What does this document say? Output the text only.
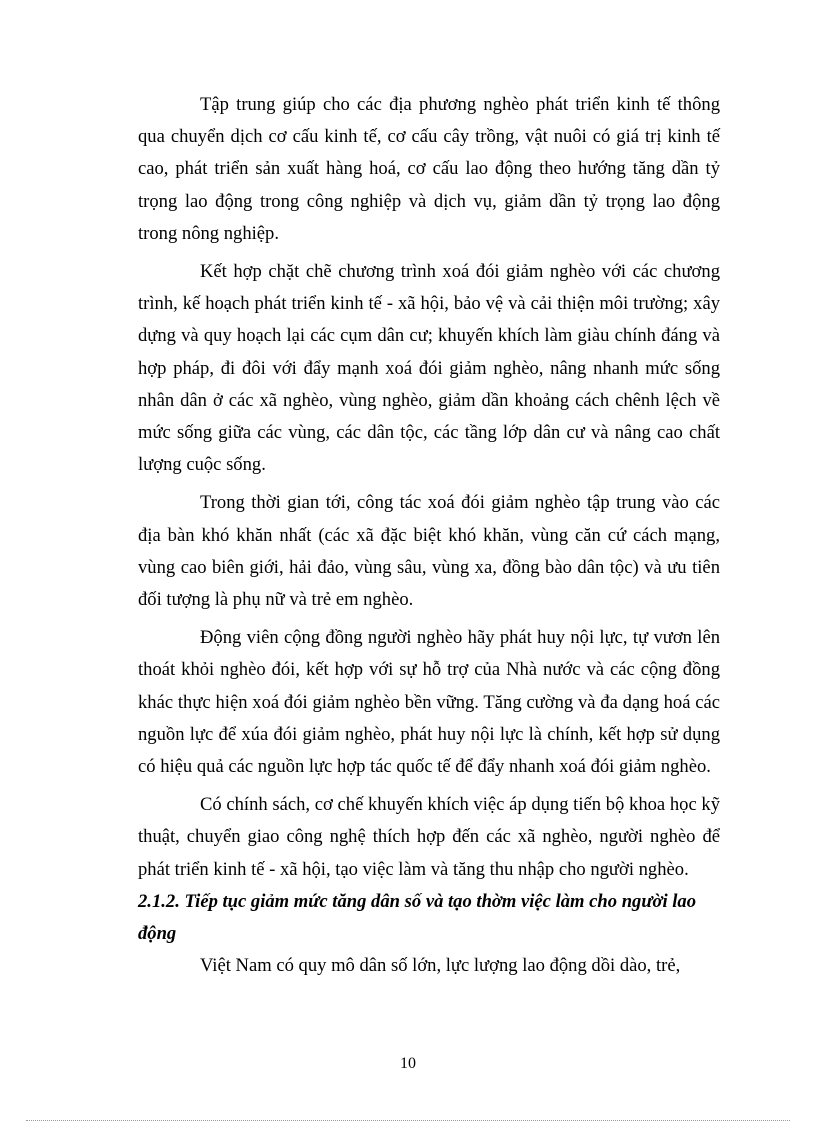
Tập trung giúp cho các địa phương nghèo phát triển kinh tế thông qua chuyển dịch cơ cấu kinh tế, cơ cấu cây trồng, vật nuôi có giá trị kinh tế cao, phát triển sản xuất hàng hoá, cơ cấu lao động theo hướng tăng dần tỷ trọng lao động trong công nghiệp và dịch vụ, giảm dần tỷ trọng lao động trong nông nghiệp.

Kết hợp chặt chẽ chương trình xoá đói giảm nghèo với các chương trình, kế hoạch phát triển kinh tế - xã hội, bảo vệ và cải thiện môi trường; xây dựng và quy hoạch lại các cụm dân cư; khuyến khích làm giàu chính đáng và hợp pháp, đi đôi với đẩy mạnh xoá đói giảm nghèo, nâng nhanh mức sống nhân dân ở các xã nghèo, vùng nghèo, giảm dần khoảng cách chênh lệch về mức sống giữa các vùng, các dân tộc, các tầng lớp dân cư và nâng cao chất lượng cuộc sống.

Trong thời gian tới, công tác xoá đói giảm nghèo tập trung vào các địa bàn khó khăn nhất (các xã đặc biệt khó khăn, vùng căn cứ cách mạng, vùng cao biên giới, hải đảo, vùng sâu, vùng xa, đồng bào dân tộc) và ưu tiên đối tượng là phụ nữ và trẻ em nghèo.

Động viên cộng đồng người nghèo hãy phát huy nội lực, tự vươn lên thoát khỏi nghèo đói, kết hợp với sự hỗ trợ của Nhà nước và các cộng đồng khác thực hiện xoá đói giảm nghèo bền vững. Tăng cường và đa dạng hoá các nguồn lực để xúa đói giảm nghèo, phát huy nội lực là chính, kết hợp sử dụng có hiệu quả các nguồn lực hợp tác quốc tế để đẩy nhanh xoá đói giảm nghèo.

Có chính sách, cơ chế khuyến khích việc áp dụng tiến bộ khoa học kỹ thuật, chuyển giao công nghệ thích hợp đến các xã nghèo, người nghèo để phát triển kinh tế - xã hội, tạo việc làm và tăng thu nhập cho người nghèo.

2.1.2. Tiếp tục giảm mức tăng dân số và tạo thờm việc làm cho người lao động

Việt Nam có quy mô dân số lớn, lực lượng lao động dồi dào, trẻ,

10
